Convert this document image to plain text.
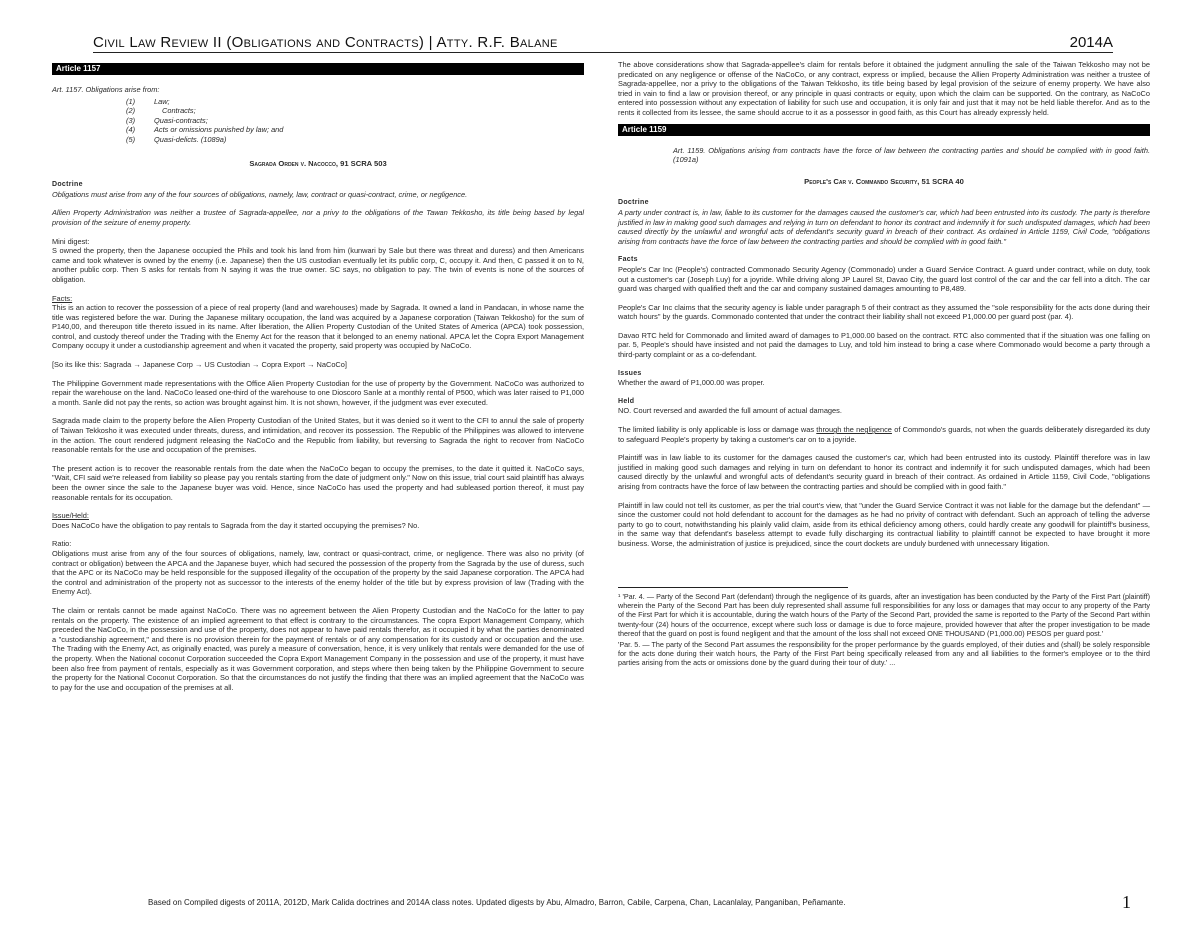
Civil Law Review II (Obligations and Contracts) | Atty. R.F. Balane	2014A
Article 1157

Art. 1157. Obligations arise from:

(1)	Law;
(2)	Contracts;
(3)	Quasi-contracts;
(4)	Acts or omissions punished by law; and
(5)	Quasi-delicts. (1089a)
Sagrada Orden v. Nacocco, 91 SCRA 503
Doctrine

Obligations must arise from any of the four sources of obligations, namely, law, contract or quasi-contract, crime, or negligence.

Allien Property Administration was neither a trustee of Sagrada-appellee, nor a privy to the obligations of the Tawan Tekkosho, its title being based by legal provision of the seizure of enemy property.

Mini digest:

S owned the property, then the Japanese occupied the Phils and took his land from him (kunwari by Sale but there was threat and duress) and then Americans came and took whatever is owned by the enemy (i.e. Japanese) then the US custodian eventually let its public corp, C, occupy it. And then, C passed it on to N, another public corp. Then S asks for rentals from N saying it was the true owner. SC says, no obligation to pay. The twin of events is none of the sources of obligation.

Facts:

This is an action to recover the possession of a piece of real property (land and warehouses) made by Sagrada. It owned a land in Pandacan, in whose name the title was registered before the war. During the Japanese military occupation, the land was acquired by a Japanese corporation (Taiwan Tekkosho) for the sum of P140,00, and thereupon title thereto issued in its name. After liberation, the Allien Property Custodian of the United States of America (APCA) took possession, control, and custody thereof under the Trading with the Enemy Act for the reason that it belonged to an enemy national. APCA let the Copra Export Management Company occupy it under a custodianship agreement and when it vacated the property, said property was occupied by NaCoCo.

[So its like this: Sagrada → Japanese Corp → US Custodian → Copra Export → NaCoCo]

The Philippine Government made representations with the Office Alien Property Custodian for the use of property by the Government. NaCoCo was authorized to repair the warehouse on the land. NaCoCo leased one-third of the warehouse to one Dioscoro Sanle at a monthly rental of P500, which was later raised to P1,000 a month. Sanle did not pay the rents, so action was brought against him. It is not shown, however, if the judgment was ever executed.

Sagrada made claim to the property before the Alien Property Custodian of the United States, but it was denied so it went to the CFI to annul the sale of property of Taiwan Tekkosho it was executed under threats, duress, and intimidation, and recover its possession. The Republic of the Philippines was allowed to intervene in the action. The court rendered judgment releasing the NaCoCo and the Republic from liability, but reversing to Sagrada the right to recover from NaCoCo reasonable rentals for the use and occupation of the premises.

The present action is to recover the reasonable rentals from the date when the NaCoCo began to occupy the premises, to the date it quitted it. NaCoCo says, "Wait, CFI said we're released from liability so please pay you rentals starting from the date of judgment only." Now on this issue, trial court said plaintiff has always been the owner since the sale to the Japanese buyer was void. Hence, since NaCoCo has used the property and had subleased portion thereof, it must pay reasonable rentals for its occupation.

Issue/Held:

Does NaCoCo have the obligation to pay rentals to Sagrada from the day it started occupying the premises? No.

Ratio:

Obligations must arise from any of the four sources of obligations, namely, law, contract or quasi-contract, crime, or negligence. There was also no privity (of contract or obligation) between the APCA and the Japanese buyer, which had secured the possession of the property from the Sagrada by the use of duress, such that the APC or its NaCoCo may be held responsible for the supposed illegality of the occupation of the property by the said Japanese corporation. The APCA had the control and administration of the property not as successor to the interests of the enemy holder of the title but by express provision of law (Trading with the Enemy Act).

The claim or rentals cannot be made against NaCoCo. There was no agreement between the Alien Property Custodian and the NaCoCo for the latter to pay rentals on the property. The existence of an implied agreement to that effect is contrary to the circumstances. The copra Export Management Company, which preceded the NaCoCo, in the possession and use of the property, does not appear to have paid rentals therefor, as it occupied it by what the parties denominated a "custodianship agreement," and there is no provision therein for the payment of rentals or of any compensation for its custody and or occupation and the use. The Trading with the Enemy Act, as originally enacted, was purely a measure of conversation, hence, it is very unlikely that rentals were demanded for the use of the property. When the National coconut Corporation succeeded the Copra Export Management Company in the possession and use of the property, it must have been also free from payment of rentals, especially as it was Government corporation, and steps where then being taken by the Philippine Government to secure the property for the National Coconut Corporation. So that the circumstances do not justify the finding that there was an implied agreement that the NaCoCo was to pay for the use and occupation of the premises at all.

The above considerations show that Sagrada-appellee's claim for rentals before it obtained the judgment annulling the sale of the Taiwan Tekkosho may not be predicated on any negligence or offense of the NaCoCo, or any contract, express or implied, because the Allien Property Administration was neither a trustee of Sagrada-appellee, nor a privy to the obligations of the Taiwan Tekkosho, its title being based by legal provision of the seizure of enemy property. We have also tried in vain to find a law or provision thereof, or any principle in quasi contracts or equity, upon which the claim can be supported. On the contrary, as NaCoCo entered into possession without any expectation of liability for such use and occupation, it is only fair and just that it may not be held liable therefor. And as to the rents it collected from its lessee, the same should accrue to it as a possessor in good faith, as this Court has already expressly held.

Article 1159

Art. 1159. Obligations arising from contracts have the force of law between the contracting parties and should be complied with in good faith. (1091a)

People's Car v. Commando Security, 51 SCRA 40
Doctrine

A party under contract is, in law, liable to its customer for the damages caused the customer's car, which had been entrusted into its custody. The party is therefore justified in law in making good such damages and relying in turn on defendant to honor its contract and indemnify it for such undisputed damages, which had been caused directly by the unlawful and wrongful acts of defendant's security guard in breach of their contract. As ordained in Article 1159, Civil Code, "obligations arising from contracts have the force of law between the contracting parties and should be complied with in good faith."

Facts

People's Car Inc (People's) contracted Commonado Security Agency (Commonado) under a Guard Service Contract. A guard under contract, while on duty, took out a customer's car (Joseph Luy) for a joyride. While driving along JP Laurel St, Davao City, the guard lost control of the car and the car fell into a ditch. The car guard was charged with qualified theft and the car and company sustained damages amounting to P8,489.

People's Car Inc claims that the security agency is liable under paragraph 5 of their contract as they assumed the "sole responsibility for the acts done during their watch hours" by the guards. Commonado contented that under the contract their liability shall not exceed P1,000.00 per guard post (par. 4).

Davao RTC held for Commonado and limited award of damages to P1,000.00 based on the contract. RTC also commented that if the situation was one falling on par. 5, People's should have insisted and not paid the damages to Luy, and told him instead to bring a case where Commonado would become a party through a third-party complaint or as a co-defendant.

Issues

Whether the award of P1,000.00 was proper.

Held

NO. Court reversed and awarded the full amount of actual damages.

The limited liability is only applicable is loss or damage was through the negligence of Commondo's guards, not when the guards deliberately disregarded its duty to safeguard People's property by taking a customer's car on to a joyride.

Plaintiff was in law liable to its customer for the damages caused the customer's car, which had been entrusted into its custody. Plaintiff therefore was in law justified in making good such damages and relying in turn on defendant to honor its contract and indemnify it for such undisputed damages, which had been caused directly by the unlawful and wrongful acts of defendant's security guard in breach of their contract. As ordained in Article 1159, Civil Code, "obligations arising from contracts have the force of law between the contracting parties and should be complied with in good faith."

Plaintiff in law could not tell its customer, as per the trial court's view, that "under the Guard Service Contract it was not liable for the damage but the defendant" — since the customer could not hold defendant to account for the damages as he had no privity of contract with defendant. Such an approach of telling the adverse party to go to court, notwithstanding his plainly valid claim, aside from its ethical deficiency among others, could hardly create any goodwill for plaintiff's business, in the same way that defendant's baseless attempt to evade fully discharging its contractual liability to plaintiff cannot be expected to have brought it more business. Worse, the administration of justice is prejudiced, since the court dockets are unduly burdened with unnecessary litigation.

¹ 'Par. 4. — Party of the Second Part (defendant) through the negligence of its guards, after an investigation has been conducted by the Party of the First Part (plaintiff) wherein the Party of the Second Part has been duly represented shall assume full responsibilities for any loss or damages that may occur to any property of the Party of the First Part for which it is accountable, during the watch hours of the Party of the Second Part, provided the same is reported to the Party of the Second Part within twenty-four (24) hours of the occurrence, except where such loss or damage is due to force majeure, provided however that after the proper investigation to be made thereof that the guard on post is found negligent and that the amount of the loss shall not exceed ONE THOUSAND (P1,000.00) PESOS per guard post.'

'Par. 5. — The party of the Second Part assumes the responsibility for the proper performance by the guards employed, of their duties and (shall) be solely responsible for the acts done during their watch hours, the Party of the First Part being specifically released from any and all liabilities to the former's employee or to the third parties arising from the acts or omissions done by the guard during their tour of duty.' ...

Based on Compiled digests of 2011A, 2012D, Mark Calida doctrines and 2014A class notes. Updated digests by Abu, Almadro, Barron, Cabile, Carpena, Chan, Lacanlalay, Panganiban, Peñamante.	1
